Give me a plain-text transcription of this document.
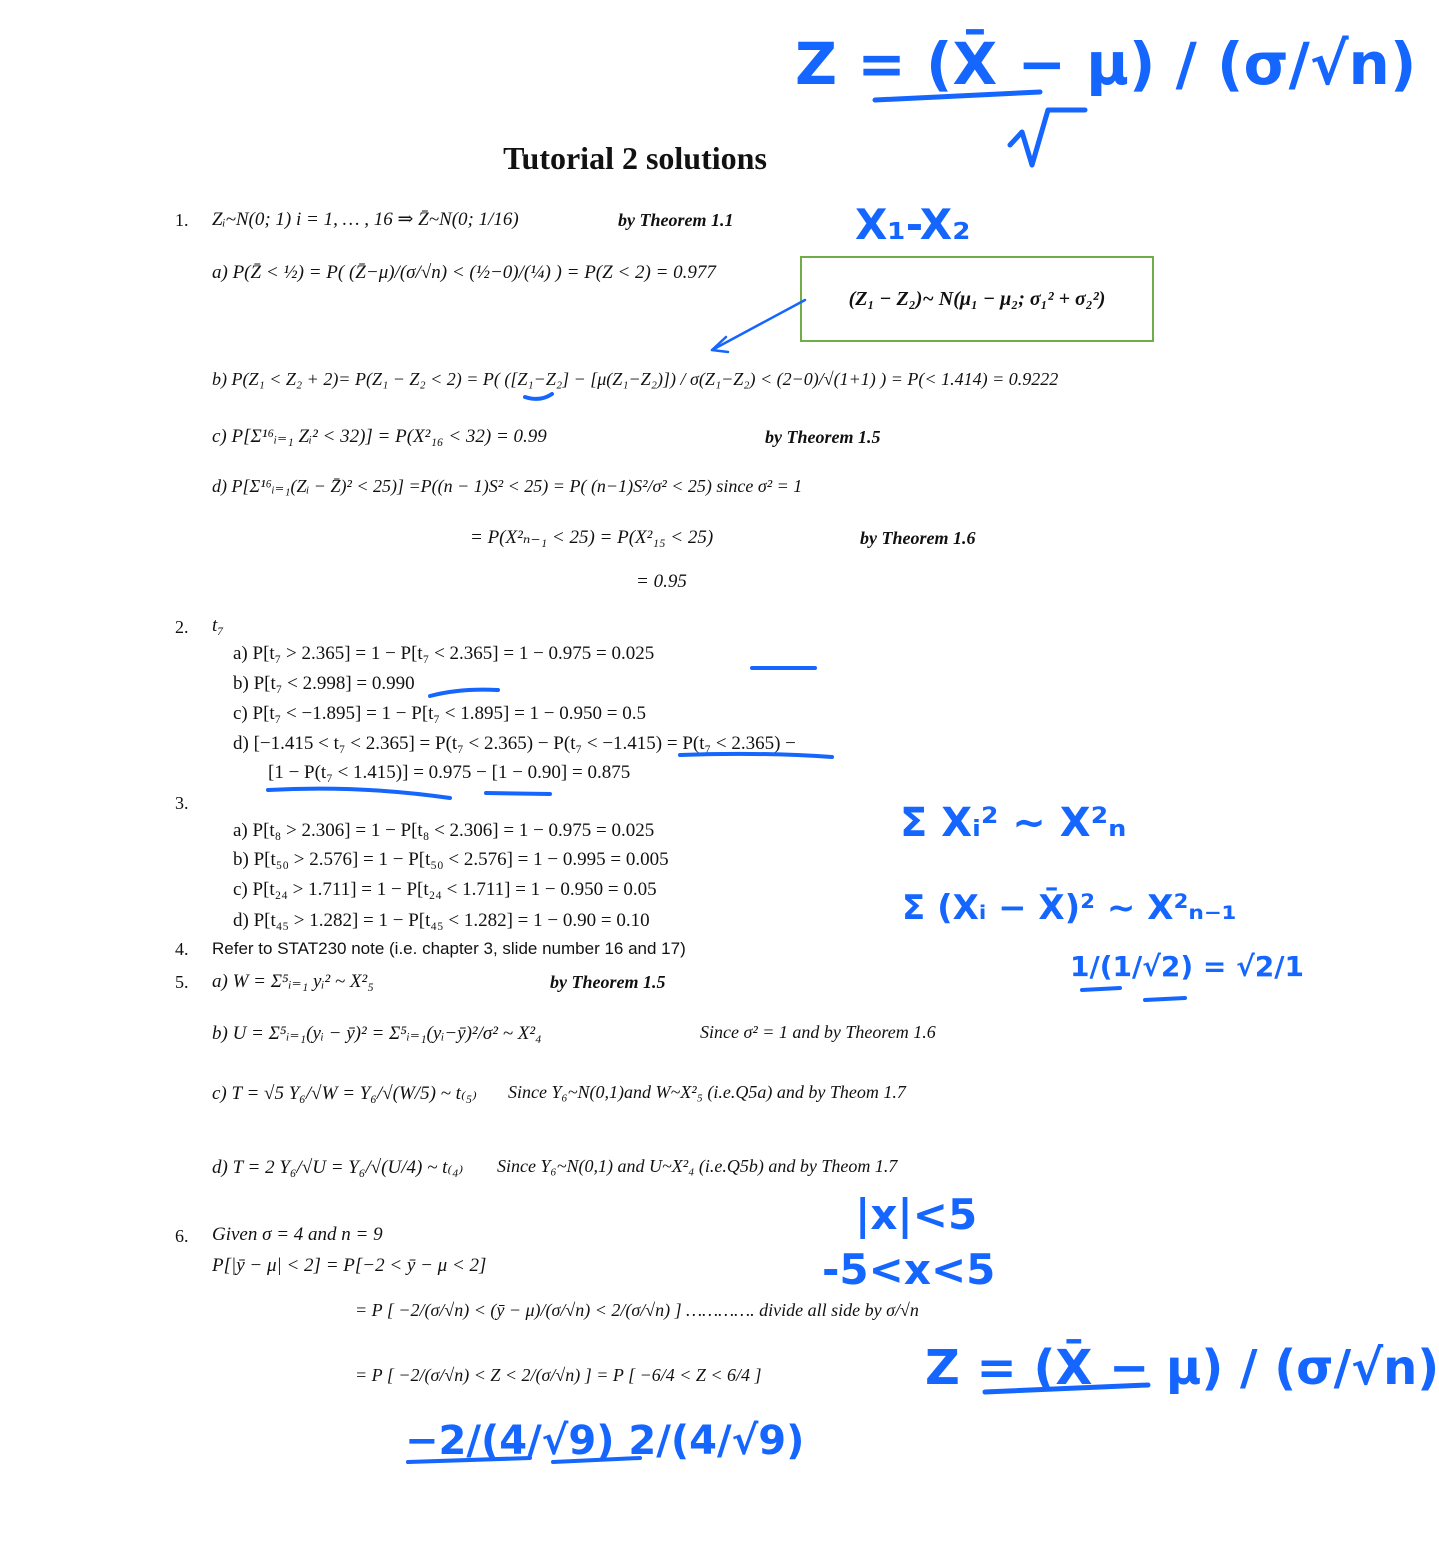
Tutorial 2 solutions
1. Zᵢ~N(0; 1) i = 1, … , 16 ⇒ Z̄~N(0; 1/16)	by Theorem 1.1
a) P(Z̄ < ½) = P( (Z̄−μ)/(σ/√n) < (½−0)/(¼) ) = P(Z < 2) = 0.977
b) P(Z₁ < Z₂ + 2)= P(Z₁ − Z₂ < 2) = P( ([Z₁−Z₂] − [μ(Z₁−Z₂)]) / σ(Z₁−Z₂) < (2−0)/√(1+1) ) = P(< 1.414) = 0.9222
c) P[Σ¹⁶ᵢ₌₁ Zᵢ² < 32)] = P(X²₁₆ < 32) = 0.99	by Theorem 1.5
d) P[Σ¹⁶ᵢ₌₁(Zᵢ − Z̄)² < 25)] =P((n − 1)S² < 25) = P( (n−1)S²/σ² < 25) since σ² = 1
= P(X²ₙ₋₁ < 25) = P(X²₁₅ < 25)	by Theorem 1.6
= 0.95
(Z₁ − Z₂)~ N(μ₁ − μ₂; σ₁² + σ₂²)
2. t₇
a) P[t₇ > 2.365] = 1 − P[t₇ < 2.365] = 1 − 0.975 = 0.025
b) P[t₇ < 2.998] = 0.990
c) P[t₇ < −1.895] = 1 − P[t₇ < 1.895] = 1 − 0.950 = 0.5
d) [−1.415 < t₇ < 2.365] = P(t₇ < 2.365) − P(t₇ < −1.415) = P(t₇ < 2.365) −
[1 − P(t₇ < 1.415)] = 0.975 − [1 − 0.90] = 0.875
3.
a) P[t₈ > 2.306] = 1 − P[t₈ < 2.306] = 1 − 0.975 = 0.025
b) P[t₅₀ > 2.576] = 1 − P[t₅₀ < 2.576] = 1 − 0.995 = 0.005
c) P[t₂₄ > 1.711] = 1 − P[t₂₄ < 1.711] = 1 − 0.950 = 0.05
d) P[t₄₅ > 1.282] = 1 − P[t₄₅ < 1.282] = 1 − 0.90 = 0.10
4. Refer to STAT230 note (i.e. chapter 3, slide number 16 and 17)
5. a) W = Σ⁵ᵢ₌₁ yᵢ² ~ X²₅	by Theorem 1.5
b) U = Σ⁵ᵢ₌₁(yᵢ − ȳ)² = Σ⁵ᵢ₌₁(yᵢ−ȳ)²/σ² ~ X²₄	Since σ² = 1 and by Theorem 1.6
c) T = √5 Y₆/√W = Y₆/√(W/5) ~ t₍₅₎ Since Y₆~N(0,1)and W~X²₅ (i.e.Q5a) and by Theom 1.7
d) T = 2 Y₆/√U = Y₆/√(U/4) ~ t₍₄₎ Since Y₆~N(0,1) and U~X²₄ (i.e.Q5b) and by Theom 1.7
6. Given σ = 4 and n = 9
P[|ȳ − μ| < 2] = P[−2 < ȳ − μ < 2]
= P [ −2/(σ/√n) < (ȳ − μ)/(σ/√n) < 2/(σ/√n) ] …………. divide all side by σ/√n
= P [ −2/(σ/√n) < Z < 2/(σ/√n) ] = P [ −6/4 < Z < 6/4 ]
Z = (X̄ − μ) / (σ/√n)
X₁-X₂
Σ Xᵢ² ~ X²ₙ
Σ (Xᵢ − X̄)² ~ X²ₙ₋₁
1/(1/√2) = √2/1
|x|<5
-5<x<5
Z = (X̄ − μ) / (σ/√n)
−2/(4/√9) 2/(4/√9)
